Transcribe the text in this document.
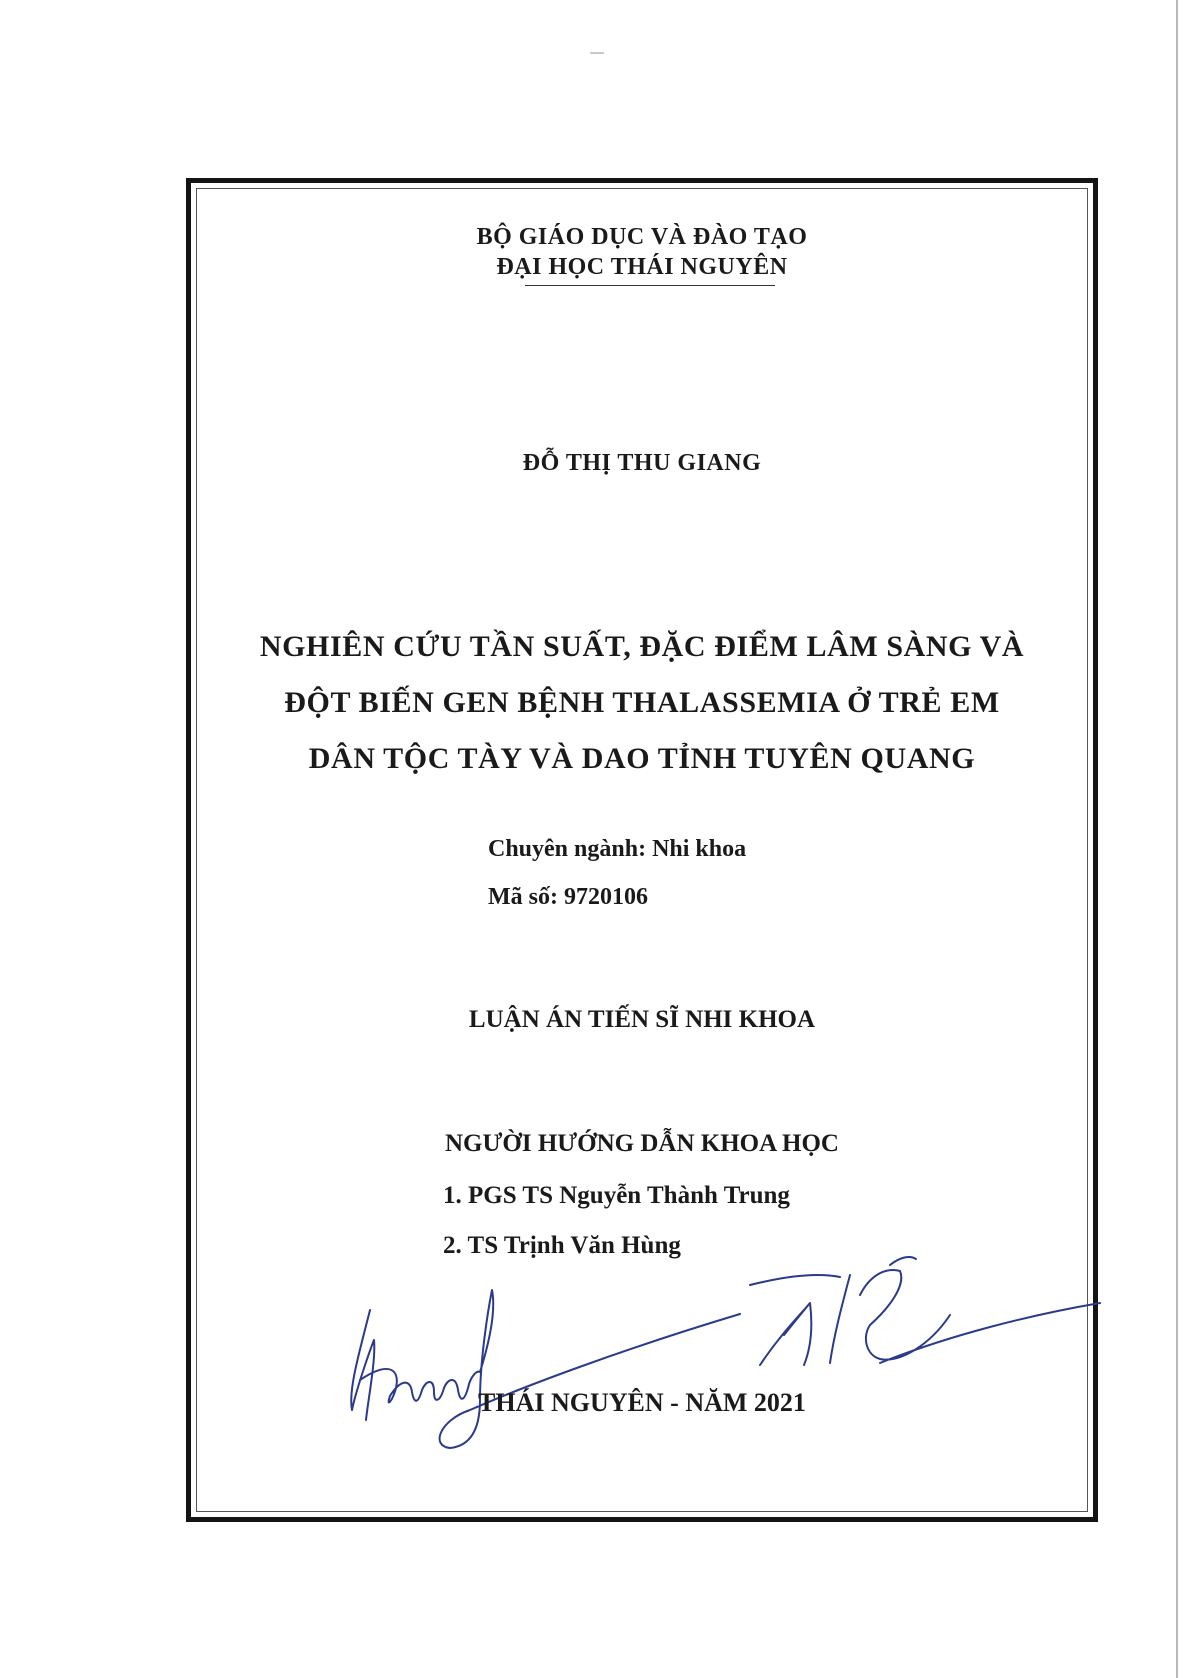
BỘ GIÁO DỤC VÀ ĐÀO TẠO
ĐẠI HỌC THÁI NGUYÊN
ĐỖ THỊ THU GIANG
NGHIÊN CỨU TẦN SUẤT, ĐẶC ĐIỂM LÂM SÀNG VÀ
ĐỘT BIẾN GEN BỆNH THALASSEMIA Ở TRẺ EM
DÂN TỘC TÀY VÀ DAO TỈNH TUYÊN QUANG
Chuyên ngành: Nhi khoa
Mã số: 9720106
LUẬN ÁN TIẾN SĨ NHI KHOA
NGƯỜI HƯỚNG DẪN KHOA HỌC
1. PGS TS Nguyễn Thành Trung
2. TS Trịnh Văn Hùng
THÁI NGUYÊN - NĂM 2021
